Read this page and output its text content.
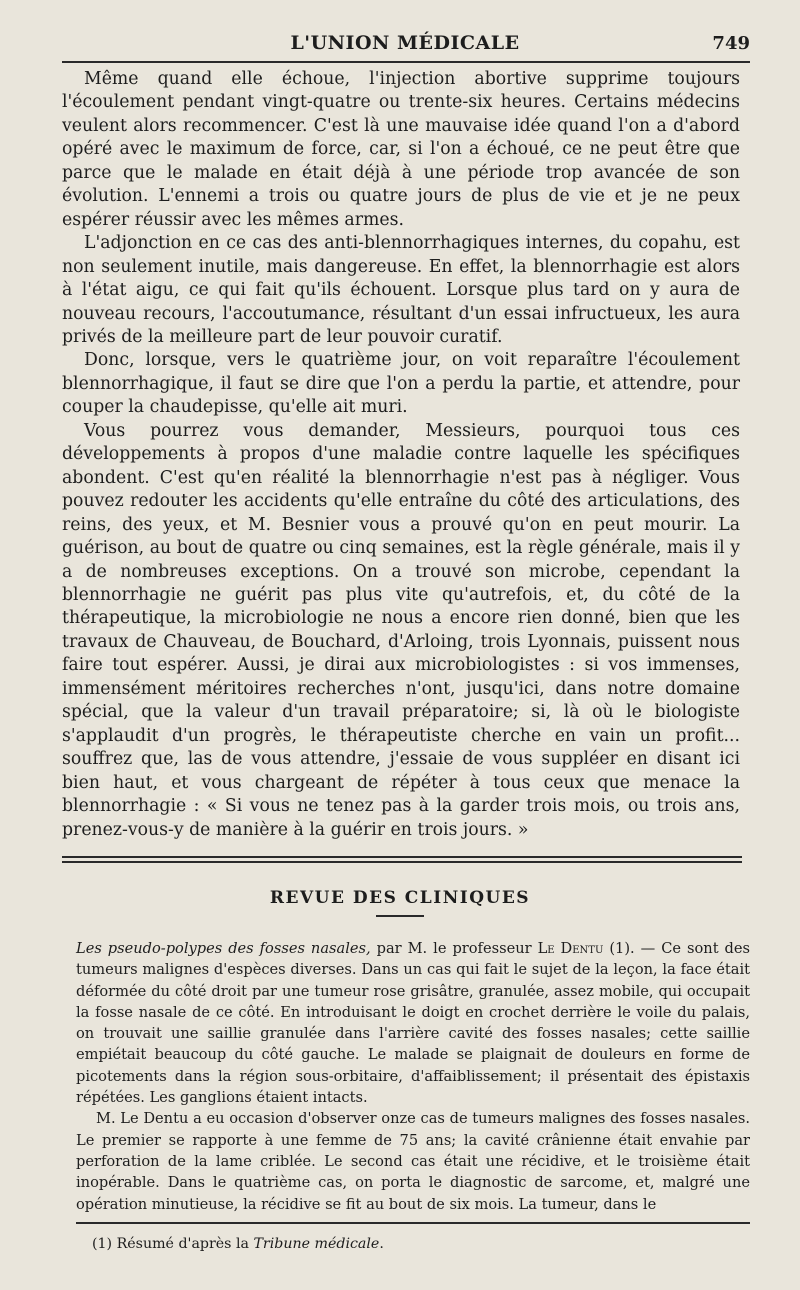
L'UNION MÉDICALE	749

Même quand elle échoue, l'injection abortive supprime toujours l'écoulement pendant vingt-quatre ou trente-six heures. Certains médecins veulent alors recommencer. C'est là une mauvaise idée quand l'on a d'abord opéré avec le maximum de force, car, si l'on a échoué, ce ne peut être que parce que le malade en était déjà à une période trop avancée de son évolution. L'ennemi a trois ou quatre jours de plus de vie et je ne peux espérer réussir avec les mêmes armes.

L'adjonction en ce cas des anti-blennorrhagiques internes, du copahu, est non seulement inutile, mais dangereuse. En effet, la blennorrhagie est alors à l'état aigu, ce qui fait qu'ils échouent. Lorsque plus tard on y aura de nouveau recours, l'accoutumance, résultant d'un essai infructueux, les aura privés de la meilleure part de leur pouvoir curatif.

Donc, lorsque, vers le quatrième jour, on voit reparaître l'écoulement blennorrhagique, il faut se dire que l'on a perdu la partie, et attendre, pour couper la chaudepisse, qu'elle ait muri.

Vous pourrez vous demander, Messieurs, pourquoi tous ces développements à propos d'une maladie contre laquelle les spécifiques abondent. C'est qu'en réalité la blennorrhagie n'est pas à négliger. Vous pouvez redouter les accidents qu'elle entraîne du côté des articulations, des reins, des yeux, et M. Besnier vous a prouvé qu'on en peut mourir. La guérison, au bout de quatre ou cinq semaines, est la règle générale, mais il y a de nombreuses exceptions. On a trouvé son microbe, cependant la blennorrhagie ne guérit pas plus vite qu'autrefois, et, du côté de la thérapeutique, la microbiologie ne nous a encore rien donné, bien que les travaux de Chauveau, de Bouchard, d'Arloing, trois Lyonnais, puissent nous faire tout espérer. Aussi, je dirai aux microbiologistes : si vos immenses, immensément méritoires recherches n'ont, jusqu'ici, dans notre domaine spécial, que la valeur d'un travail préparatoire; si, là où le biologiste s'applaudit d'un progrès, le thérapeutiste cherche en vain un profit... souffrez que, las de vous attendre, j'essaie de vous suppléer en disant ici bien haut, et vous chargeant de répéter à tous ceux que menace la blennorrhagie : « Si vous ne tenez pas à la garder trois mois, ou trois ans, prenez-vous-y de manière à la guérir en trois jours. »

REVUE DES CLINIQUES

Les pseudo-polypes des fosses nasales, par M. le professeur Le Dentu (1). — Ce sont des tumeurs malignes d'espèces diverses. Dans un cas qui fait le sujet de la leçon, la face était déformée du côté droit par une tumeur rose grisâtre, granulée, assez mobile, qui occupait la fosse nasale de ce côté. En introduisant le doigt en crochet derrière le voile du palais, on trouvait une saillie granulée dans l'arrière cavité des fosses nasales; cette saillie empiétait beaucoup du côté gauche. Le malade se plaignait de douleurs en forme de picotements dans la région sous-orbitaire, d'affaiblissement; il présentait des épistaxis répétées. Les ganglions étaient intacts.

M. Le Dentu a eu occasion d'observer onze cas de tumeurs malignes des fosses nasales. Le premier se rapporte à une femme de 75 ans; la cavité crânienne était envahie par perforation de la lame criblée. Le second cas était une récidive, et le troisième était inopérable. Dans le quatrième cas, on porta le diagnostic de sarcome, et, malgré une opération minutieuse, la récidive se fit au bout de six mois. La tumeur, dans le

(1) Résumé d'après la Tribune médicale.
